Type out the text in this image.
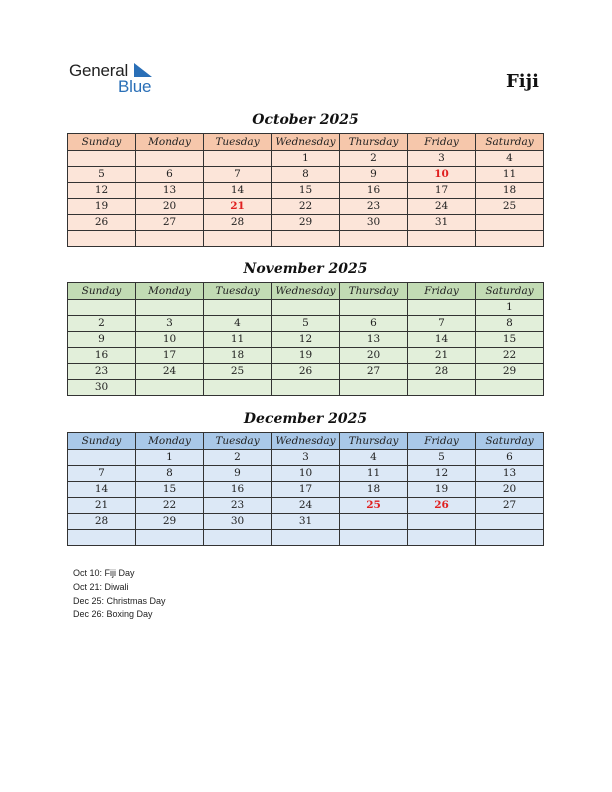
General
Blue	Fiji
October 2025
Sunday	Monday	Tuesday	Wednesday	Thursday	Friday	Saturday
			1	2	3	4
5	6	7	8	9	10	11
12	13	14	15	16	17	18
19	20	21	22	23	24	25
26	27	28	29	30	31	

November 2025
Sunday	Monday	Tuesday	Wednesday	Thursday	Friday	Saturday
						1
2	3	4	5	6	7	8
9	10	11	12	13	14	15
16	17	18	19	20	21	22
23	24	25	26	27	28	29
30						
December 2025
Sunday	Monday	Tuesday	Wednesday	Thursday	Friday	Saturday
	1	2	3	4	5	6
7	8	9	10	11	12	13
14	15	16	17	18	19	20
21	22	23	24	25	26	27
28	29	30	31			

Oct 10: Fiji Day
Oct 21: Diwali
Dec 25: Christmas Day
Dec 26: Boxing Day
